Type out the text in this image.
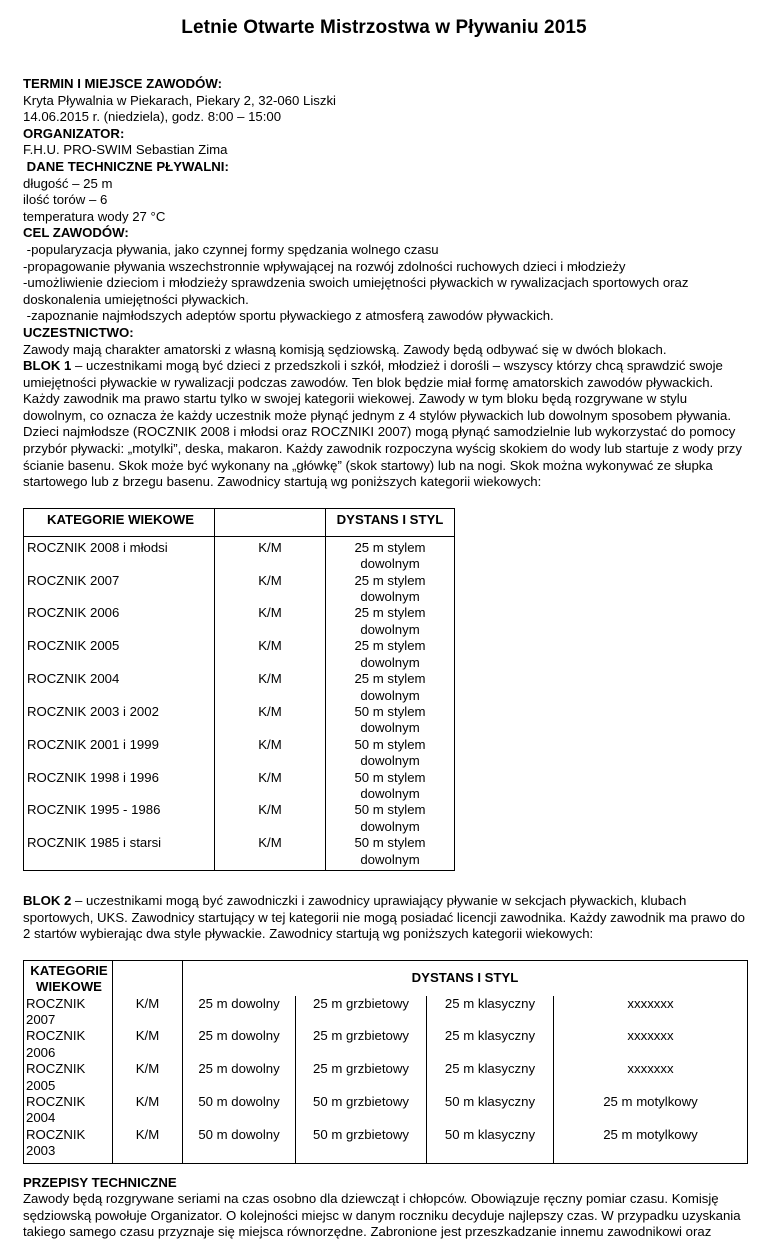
Letnie Otwarte Mistrzostwa w Pływaniu 2015

TERMIN I MIEJSCE ZAWODÓW:

Kryta Pływalnia w Piekarach, Piekary 2, 32-060 Liszki

14.06.2015 r. (niedziela), godz. 8:00 – 15:00

ORGANIZATOR:

F.H.U. PRO-SWIM Sebastian Zima

DANE TECHNICZNE PŁYWALNI:

długość – 25 m

ilość torów – 6

temperatura wody 27 °C

CEL ZAWODÓW:

-popularyzacja pływania, jako czynnej formy spędzania wolnego czasu

-propagowanie pływania wszechstronnie wpływającej na rozwój zdolności ruchowych dzieci i młodzieży

-umożliwienie dzieciom i młodzieży sprawdzenia swoich umiejętności pływackich w rywalizacjach sportowych oraz doskonalenia umiejętności pływackich.

-zapoznanie najmłodszych adeptów sportu pływackiego z atmosferą zawodów pływackich.

UCZESTNICTWO:

Zawody mają charakter amatorski z własną komisją sędziowską. Zawody będą odbywać się w dwóch blokach.

BLOK 1 – uczestnikami mogą być dzieci z przedszkoli i szkół, młodzież i dorośli – wszyscy którzy chcą sprawdzić swoje umiejętności pływackie w rywalizacji podczas zawodów. Ten blok będzie miał formę amatorskich zawodów pływackich. Każdy zawodnik ma prawo startu tylko w swojej kategorii wiekowej. Zawody w tym bloku będą rozgrywane w stylu dowolnym, co oznacza że każdy uczestnik może płynąć jednym z 4 stylów pływackich lub dowolnym sposobem pływania. Dzieci najmłodsze (ROCZNIK 2008 i młodsi oraz ROCZNIKI 2007) mogą płynąć samodzielnie lub wykorzystać do pomocy przybór pływacki: „motylki”, deska, makaron. Każdy zawodnik rozpoczyna wyścig skokiem do wody lub startuje z wody przy ścianie basenu. Skok może być wykonany na „główkę” (skok startowy) lub na nogi. Skok można wykonywać ze słupka startowego lub z brzegu basenu. Zawodnicy startują wg poniższych kategorii wiekowych:

KATEGORIE WIEKOWE		DYSTANS I STYL
ROCZNIK 2008 i młodsi	K/M	25 m stylem dowolnym
ROCZNIK 2007	K/M	25 m stylem dowolnym
ROCZNIK 2006	K/M	25 m stylem dowolnym
ROCZNIK 2005	K/M	25 m stylem dowolnym
ROCZNIK 2004	K/M	25 m stylem dowolnym
ROCZNIK 2003 i 2002	K/M	50 m stylem dowolnym
ROCZNIK 2001 i 1999	K/M	50 m stylem dowolnym
ROCZNIK 1998 i 1996	K/M	50 m stylem dowolnym
ROCZNIK 1995 - 1986	K/M	50 m stylem dowolnym
ROCZNIK 1985 i starsi	K/M	50 m stylem dowolnym

BLOK 2 – uczestnikami mogą być zawodniczki i zawodnicy uprawiający pływanie w sekcjach pływackich, klubach sportowych, UKS. Zawodnicy startujący w tej kategorii nie mogą posiadać licencji zawodnika. Każdy zawodnik ma prawo do 2 startów wybierając dwa style pływackie. Zawodnicy startują wg poniższych kategorii wiekowych:

KATEGORIE
WIEKOWE		DYSTANS I STYL			
ROCZNIK 2007	K/M	25 m dowolny	25 m grzbietowy	25 m klasyczny	xxxxxxx
ROCZNIK 2006	K/M	25 m dowolny	25 m grzbietowy	25 m klasyczny	xxxxxxx
ROCZNIK 2005	K/M	25 m dowolny	25 m grzbietowy	25 m klasyczny	xxxxxxx
ROCZNIK 2004	K/M	50 m dowolny	50 m grzbietowy	50 m klasyczny	25 m motylkowy
ROCZNIK 2003	K/M	50 m dowolny	50 m grzbietowy	50 m klasyczny	25 m motylkowy

PRZEPISY TECHNICZNE

Zawody będą rozgrywane seriami na czas osobno dla dziewcząt i chłopców. Obowiązuje ręczny pomiar czasu. Komisję sędziowską powołuje Organizator. O kolejności miejsc w danym roczniku decyduje najlepszy czas. W przypadku uzyskania takiego samego czasu przyznaje się miejsca równorzędne. Zabronione jest przeszkadzanie innemu zawodnikowi oraz
